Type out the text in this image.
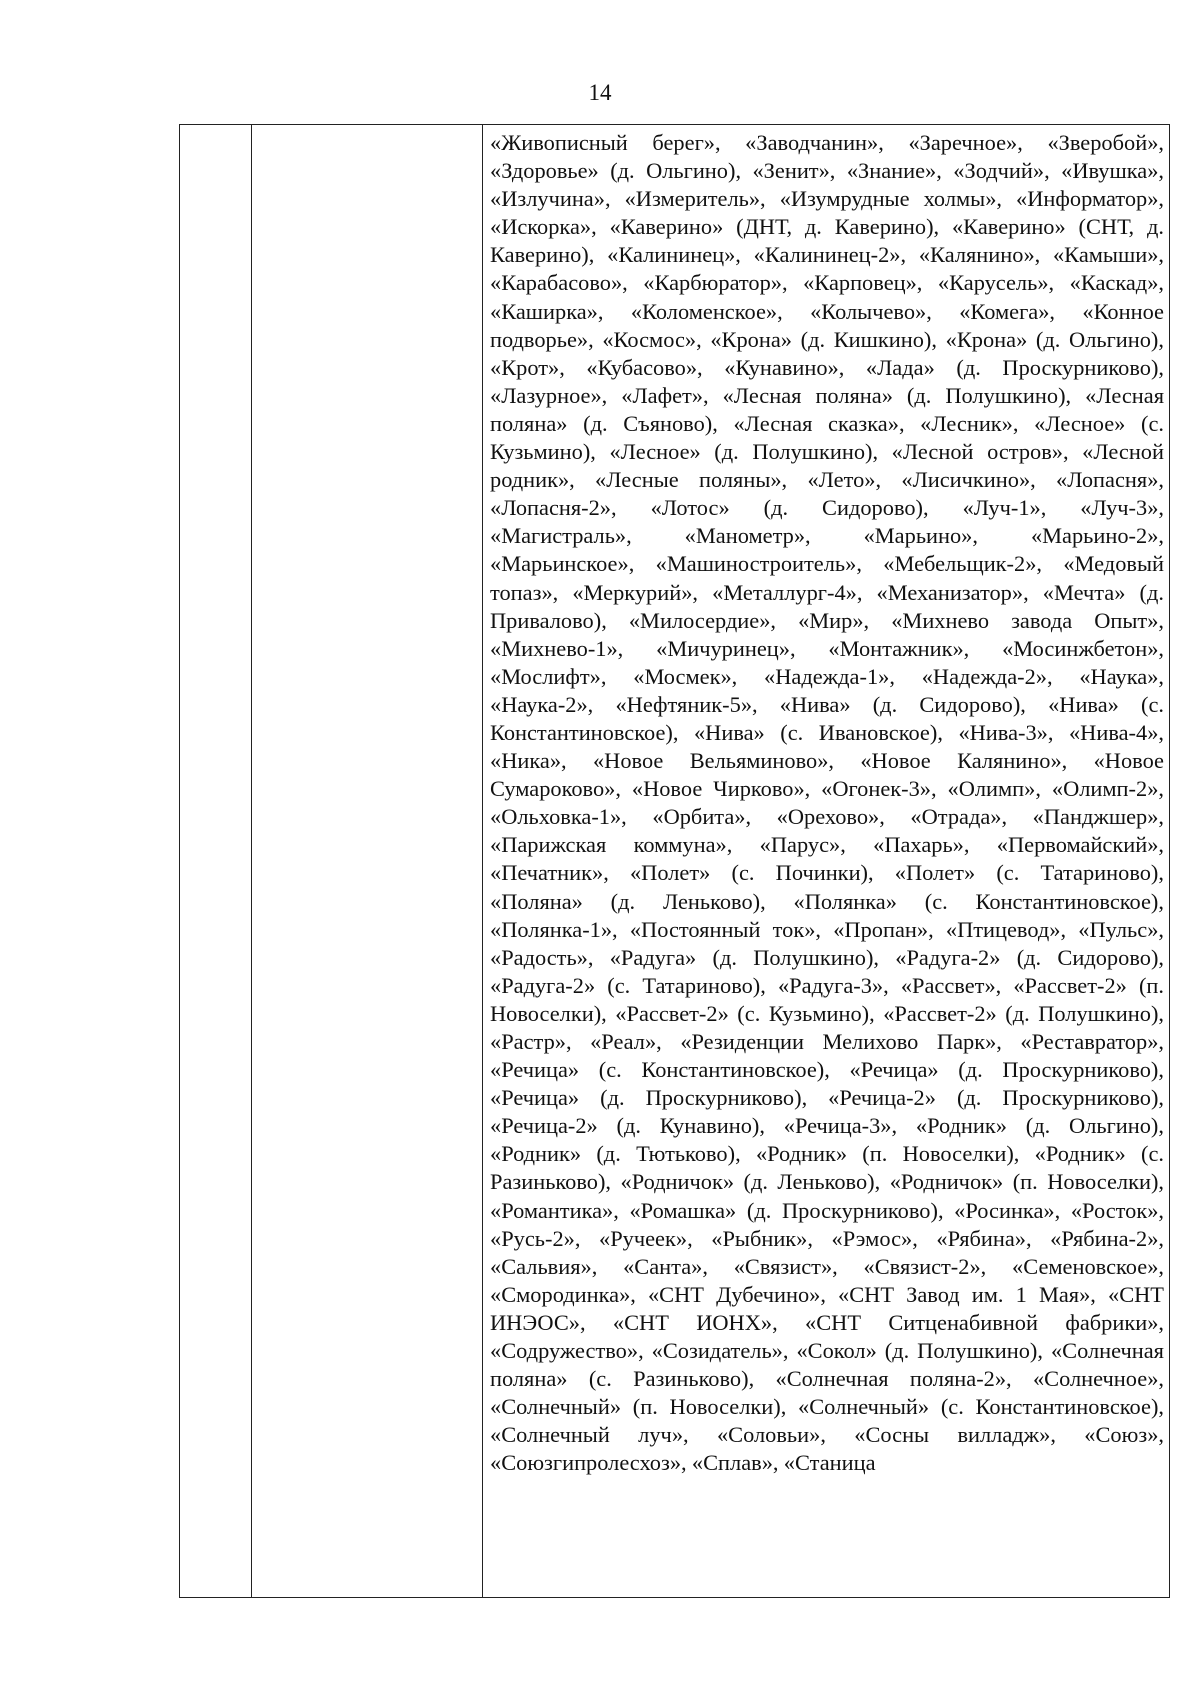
14

«Живописный берег», «Заводчанин», «Заречное», «Зверобой», «Здоровье» (д. Ольгино), «Зенит», «Знание», «Зодчий», «Ивушка», «Излучина», «Измеритель», «Изумрудные холмы», «Информатор», «Искорка», «Каверино» (ДНТ, д. Каверино), «Каверино» (СНТ, д. Каверино), «Калининец», «Калининец-2», «Калянино», «Камыши», «Карабасово», «Карбюратор», «Карповец», «Карусель», «Каскад», «Каширка», «Коломенское», «Колычево», «Комега», «Конное подворье», «Космос», «Крона» (д. Кишкино), «Крона» (д. Ольгино), «Крот», «Кубасово», «Кунавино», «Лада» (д. Проскурниково), «Лазурное», «Лафет», «Лесная поляна» (д. Полушкино), «Лесная поляна» (д. Съяново), «Лесная сказка», «Лесник», «Лесное» (с. Кузьмино), «Лесное» (д. Полушкино), «Лесной остров», «Лесной родник», «Лесные поляны», «Лето», «Лисичкино», «Лопасня», «Лопасня-2», «Лотос» (д. Сидорово), «Луч-1», «Луч-3», «Магистраль», «Манометр», «Марьино», «Марьино-2», «Марьинское», «Машиностроитель», «Мебельщик-2», «Медовый топаз», «Меркурий», «Металлург-4», «Механизатор», «Мечта» (д. Привалово), «Милосердие», «Мир», «Михнево завода Опыт», «Михнево-1», «Мичуринец», «Монтажник», «Мосинжбетон», «Мослифт», «Мосмек», «Надежда-1», «Надежда-2», «Наука», «Наука-2», «Нефтяник-5», «Нива» (д. Сидорово), «Нива» (с. Константиновское), «Нива» (с. Ивановское), «Нива-3», «Нива-4», «Ника», «Новое Вельяминово», «Новое Калянино», «Новое Сумароково», «Новое Чирково», «Огонек-3», «Олимп», «Олимп-2», «Ольховка-1», «Орбита», «Орехово», «Отрада», «Панджшер», «Парижская коммуна», «Парус», «Пахарь», «Первомайский», «Печатник», «Полет» (с. Починки), «Полет» (с. Татариново), «Поляна» (д. Леньково), «Полянка» (с. Константиновское), «Полянка-1», «Постоянный ток», «Пропан», «Птицевод», «Пульс», «Радость», «Радуга» (д. Полушкино), «Радуга-2» (д. Сидорово), «Радуга-2» (с. Татариново), «Радуга-3», «Рассвет», «Рассвет-2» (п. Новоселки), «Рассвет-2» (с. Кузьмино), «Рассвет-2» (д. Полушкино), «Растр», «Реал», «Резиденции Мелихово Парк», «Реставратор», «Речица» (с. Константиновское), «Речица» (д. Проскурниково), «Речица» (д. Проскурниково), «Речица-2» (д. Проскурниково), «Речица-2» (д. Кунавино), «Речица-3», «Родник» (д. Ольгино), «Родник» (д. Тютьково), «Родник» (п. Новоселки), «Родник» (с. Разиньково), «Родничок» (д. Леньково), «Родничок» (п. Новоселки), «Романтика», «Ромашка» (д. Проскурниково), «Росинка», «Росток», «Русь-2», «Ручеек», «Рыбник», «Рэмос», «Рябина», «Рябина-2», «Сальвия», «Санта», «Связист», «Связист-2», «Семеновское», «Смородинка», «СНТ Дубечино», «СНТ Завод им. 1 Мая», «СНТ ИНЭОС», «СНТ ИОНХ», «СНТ Ситценабивной фабрики», «Содружество», «Созидатель», «Сокол» (д. Полушкино), «Солнечная поляна» (с. Разиньково), «Солнечная поляна-2», «Солнечное», «Солнечный» (п. Новоселки), «Солнечный» (с. Константиновское), «Солнечный луч», «Соловьи», «Сосны вилладж», «Союз», «Союзгипролесхоз», «Сплав», «Станица
